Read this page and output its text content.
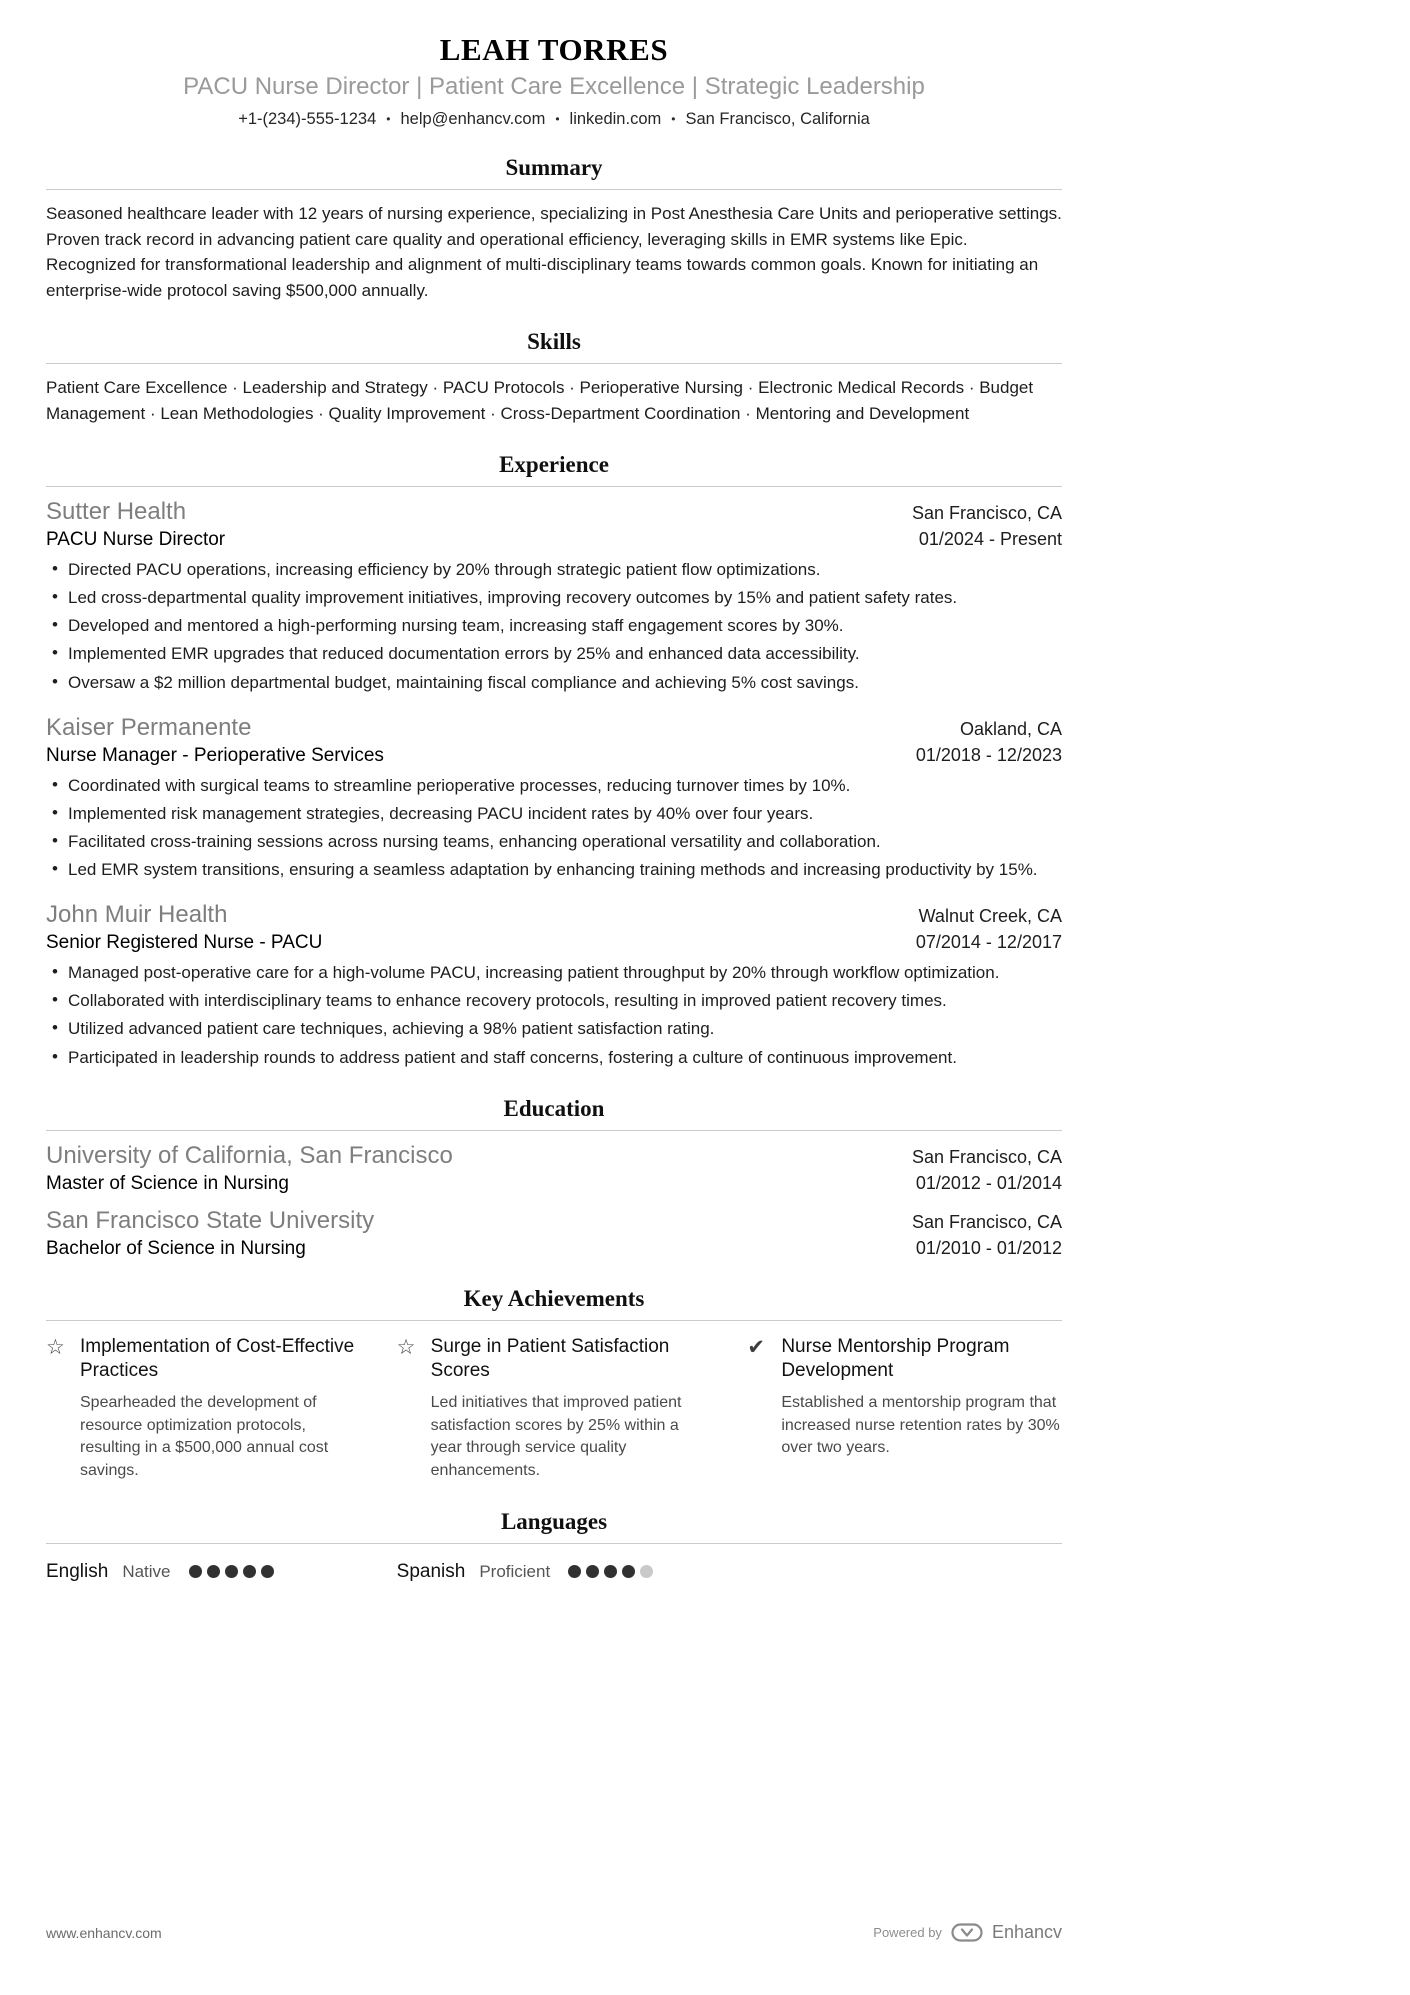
LEAH TORRES
PACU Nurse Director | Patient Care Excellence | Strategic Leadership
+1-(234)-555-1234 • help@enhancv.com • linkedin.com • San Francisco, California
Summary

Seasoned healthcare leader with 12 years of nursing experience, specializing in Post Anesthesia Care Units and perioperative settings. Proven track record in advancing patient care quality and operational efficiency, leveraging skills in EMR systems like Epic. Recognized for transformational leadership and alignment of multi-disciplinary teams towards common goals. Known for initiating an enterprise-wide protocol saving $500,000 annually.

Skills

Patient Care Excellence · Leadership and Strategy · PACU Protocols · Perioperative Nursing · Electronic Medical Records · Budget Management · Lean Methodologies · Quality Improvement · Cross-Department Coordination · Mentoring and Development

Experience
Sutter Health	San Francisco, CA
PACU Nurse Director	01/2024 - Present
• Directed PACU operations, increasing efficiency by 20% through strategic patient flow optimizations.
• Led cross-departmental quality improvement initiatives, improving recovery outcomes by 15% and patient safety rates.
• Developed and mentored a high-performing nursing team, increasing staff engagement scores by 30%.
• Implemented EMR upgrades that reduced documentation errors by 25% and enhanced data accessibility.
• Oversaw a $2 million departmental budget, maintaining fiscal compliance and achieving 5% cost savings.
Kaiser Permanente	Oakland, CA
Nurse Manager - Perioperative Services	01/2018 - 12/2023
• Coordinated with surgical teams to streamline perioperative processes, reducing turnover times by 10%.
• Implemented risk management strategies, decreasing PACU incident rates by 40% over four years.
• Facilitated cross-training sessions across nursing teams, enhancing operational versatility and collaboration.
• Led EMR system transitions, ensuring a seamless adaptation by enhancing training methods and increasing productivity by 15%.
John Muir Health	Walnut Creek, CA
Senior Registered Nurse - PACU	07/2014 - 12/2017
• Managed post-operative care for a high-volume PACU, increasing patient throughput by 20% through workflow optimization.
• Collaborated with interdisciplinary teams to enhance recovery protocols, resulting in improved patient recovery times.
• Utilized advanced patient care techniques, achieving a 98% patient satisfaction rating.
• Participated in leadership rounds to address patient and staff concerns, fostering a culture of continuous improvement.
Education
University of California, San Francisco	San Francisco, CA
Master of Science in Nursing	01/2012 - 01/2014
San Francisco State University	San Francisco, CA
Bachelor of Science in Nursing	01/2010 - 01/2012
Key Achievements
☆ Implementation of Cost-Effective Practices

Spearheaded the development of resource optimization protocols, resulting in a $500,000 annual cost savings.

☆ Surge in Patient Satisfaction Scores

Led initiatives that improved patient satisfaction scores by 25% within a year through service quality enhancements.

✔ Nurse Mentorship Program Development

Established a mentorship program that increased nurse retention rates by 30% over two years.

Languages
English Native	Spanish Proficient
www.enhancv.com	Powered by	Enhancv
